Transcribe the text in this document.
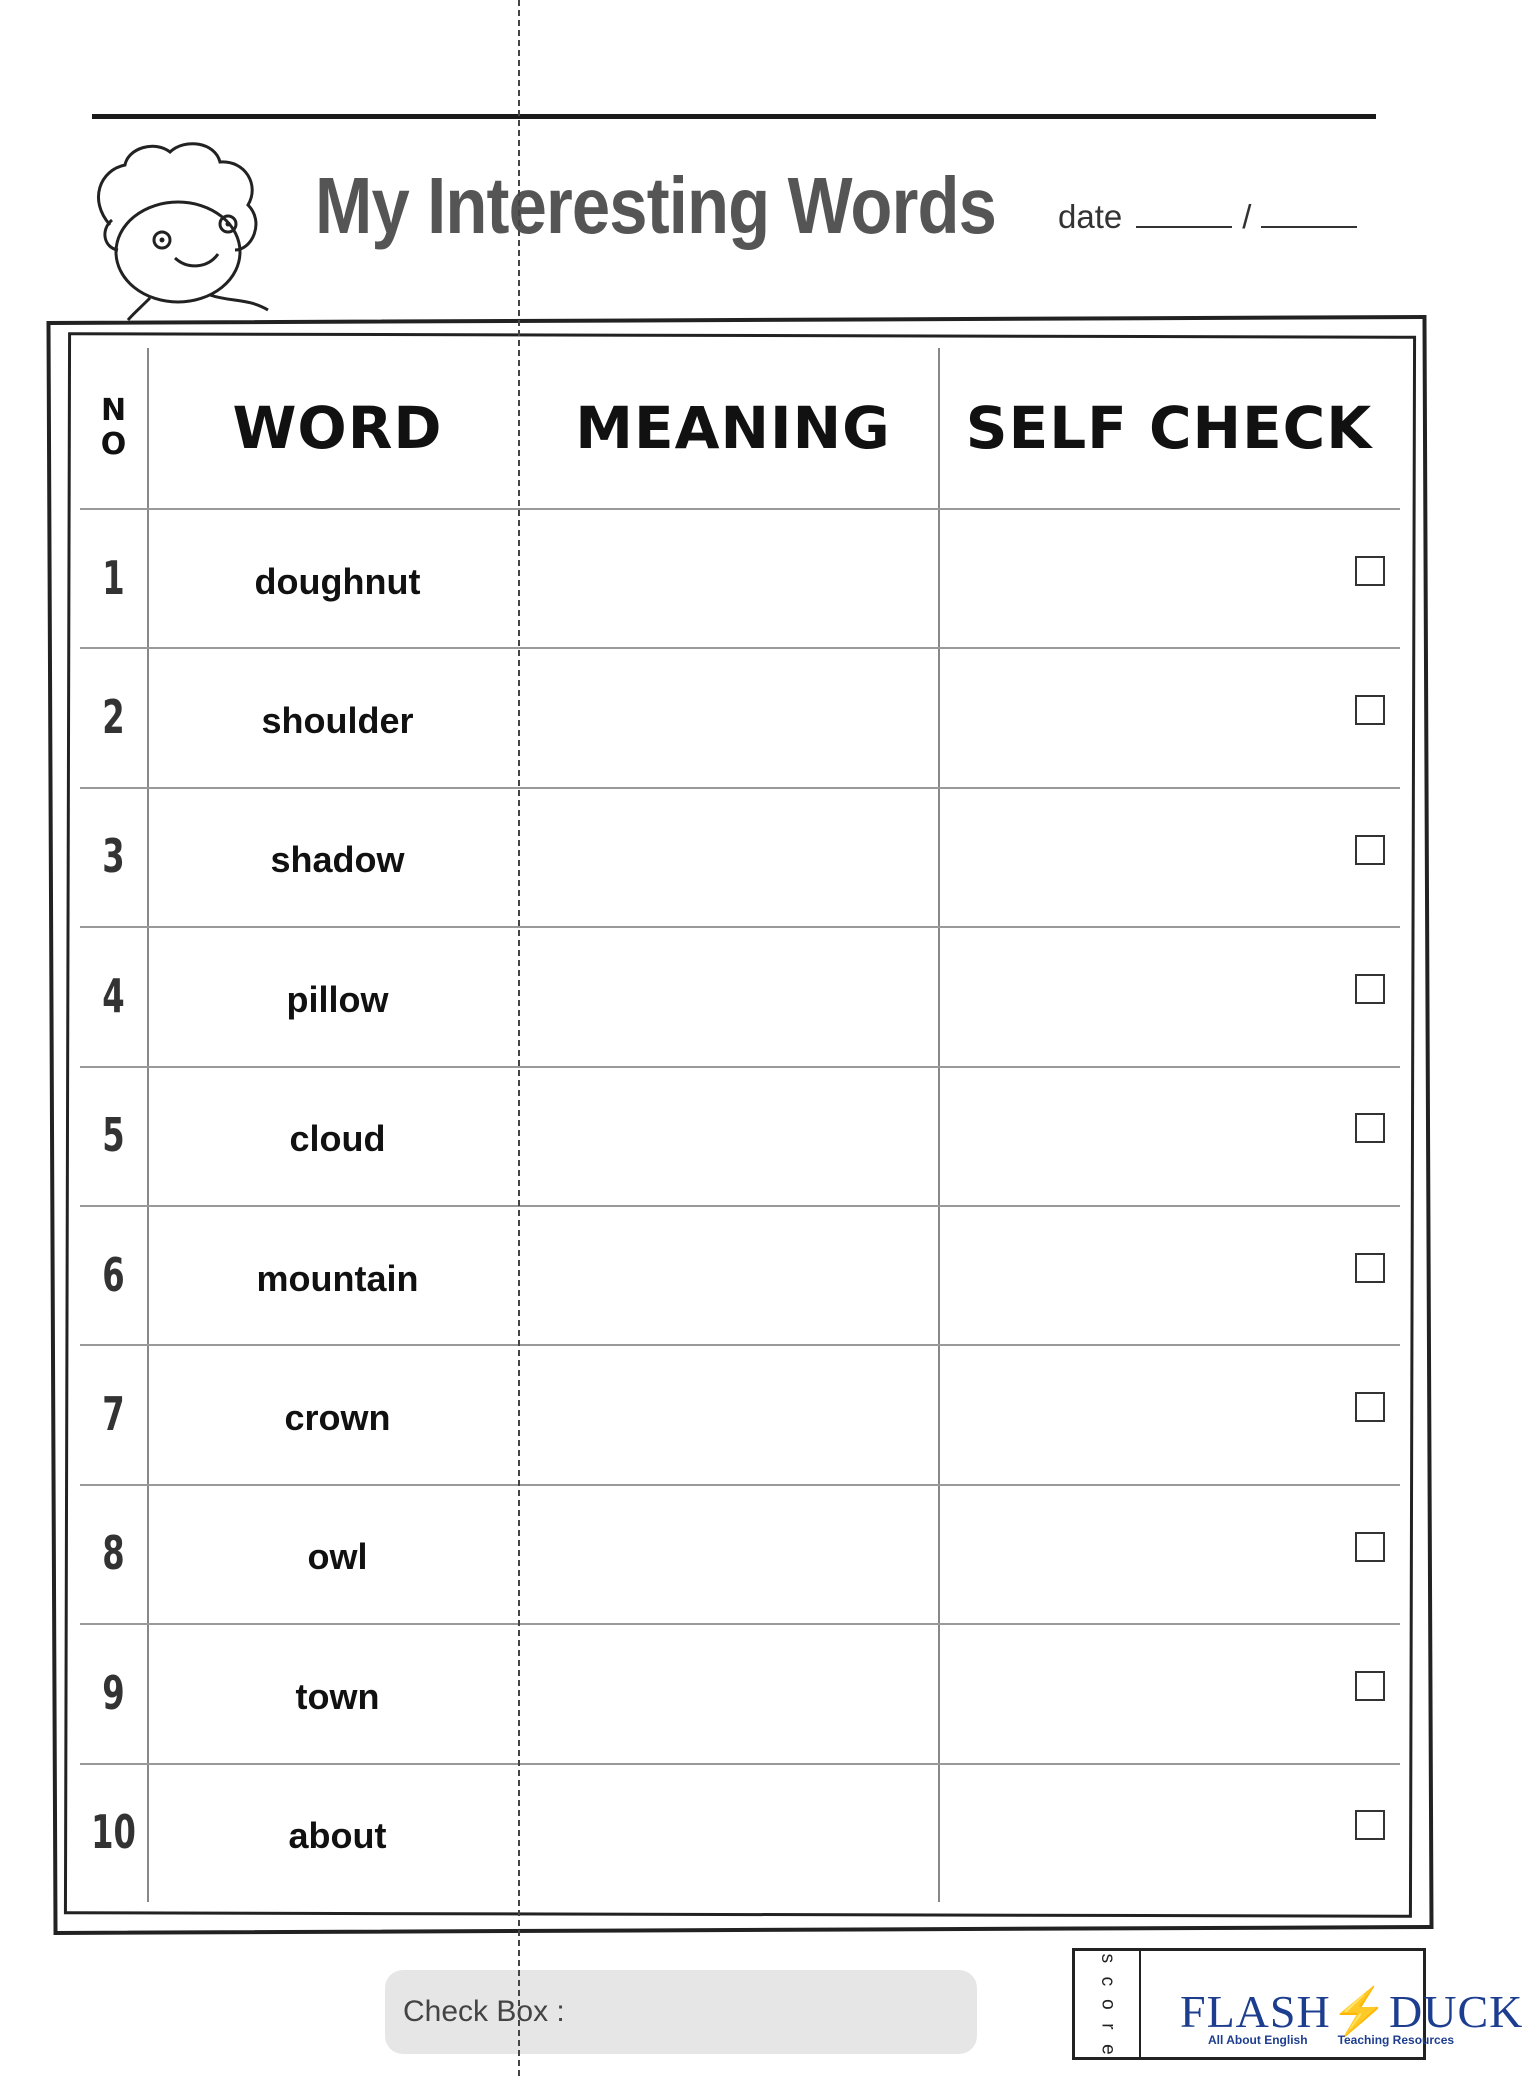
My Interesting Words date	/
N
O	WORD	MEANING	SELF CHECK
1	doughnut
2	shoulder
3	shadow
4	pillow
5	cloud
6	mountain
7	crown
8	owl
9	town
10	about
Check Box :
s
c
o
r
e
FLASH⚡DUCK
All About English	Teaching Resources
